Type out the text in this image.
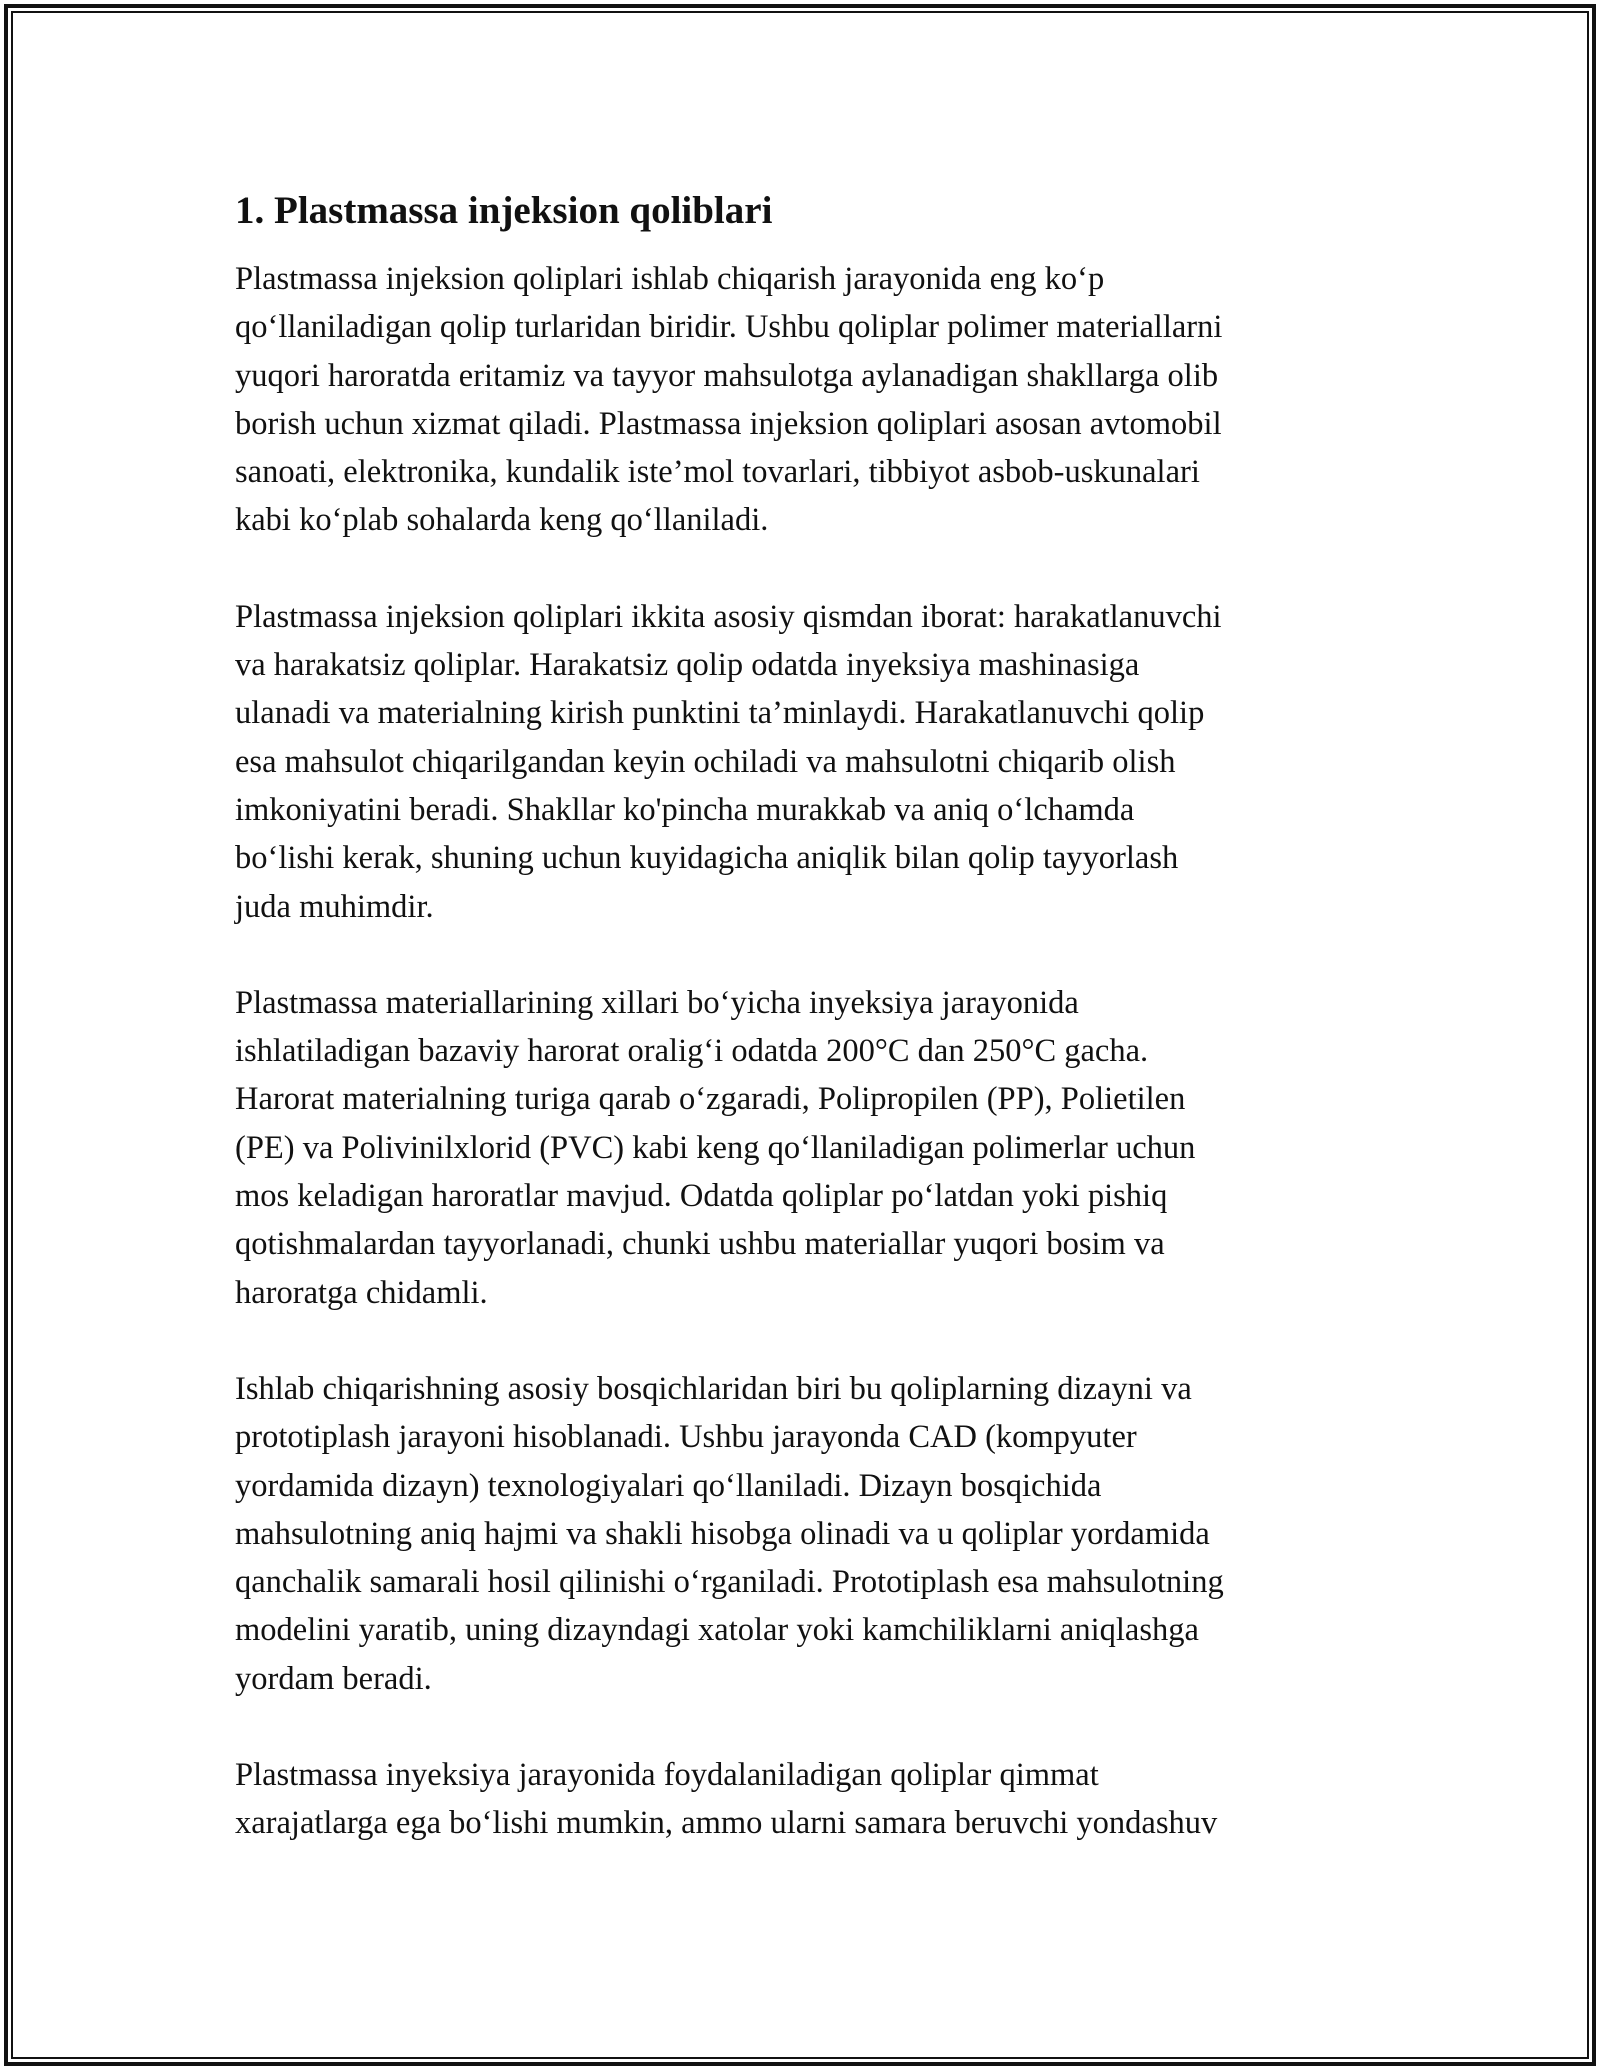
1. Plastmassa injeksion qoliblari
Plastmassa injeksion qoliplari ishlab chiqarish jarayonida eng ko‘p
qo‘llaniladigan qolip turlaridan biridir. Ushbu qoliplar polimer materiallarni
yuqori haroratda eritamiz va tayyor mahsulotga aylanadigan shakllarga olib
borish uchun xizmat qiladi. Plastmassa injeksion qoliplari asosan avtomobil
sanoati, elektronika, kundalik iste’mol tovarlari, tibbiyot asbob-uskunalari
kabi ko‘plab sohalarda keng qo‘llaniladi.
Plastmassa injeksion qoliplari ikkita asosiy qismdan iborat: harakatlanuvchi
va harakatsiz qoliplar. Harakatsiz qolip odatda inyeksiya mashinasiga
ulanadi va materialning kirish punktini ta’minlaydi. Harakatlanuvchi qolip
esa mahsulot chiqarilgandan keyin ochiladi va mahsulotni chiqarib olish
imkoniyatini beradi. Shakllar ko'pincha murakkab va aniq o‘lchamda
bo‘lishi kerak, shuning uchun kuyidagicha aniqlik bilan qolip tayyorlash
juda muhimdir.
Plastmassa materiallarining xillari bo‘yicha inyeksiya jarayonida
ishlatiladigan bazaviy harorat oralig‘i odatda 200°C dan 250°C gacha.
Harorat materialning turiga qarab o‘zgaradi, Polipropilen (PP), Polietilen
(PE) va Polivinilxlorid (PVC) kabi keng qo‘llaniladigan polimerlar uchun
mos keladigan haroratlar mavjud. Odatda qoliplar po‘latdan yoki pishiq
qotishmalardan tayyorlanadi, chunki ushbu materiallar yuqori bosim va
haroratga chidamli.
Ishlab chiqarishning asosiy bosqichlaridan biri bu qoliplarning dizayni va
prototiplash jarayoni hisoblanadi. Ushbu jarayonda CAD (kompyuter
yordamida dizayn) texnologiyalari qo‘llaniladi. Dizayn bosqichida
mahsulotning aniq hajmi va shakli hisobga olinadi va u qoliplar yordamida
qanchalik samarali hosil qilinishi o‘rganiladi. Prototiplash esa mahsulotning
modelini yaratib, uning dizayndagi xatolar yoki kamchiliklarni aniqlashga
yordam beradi.
Plastmassa inyeksiya jarayonida foydalaniladigan qoliplar qimmat
xarajatlarga ega bo‘lishi mumkin, ammo ularni samara beruvchi yondashuv
